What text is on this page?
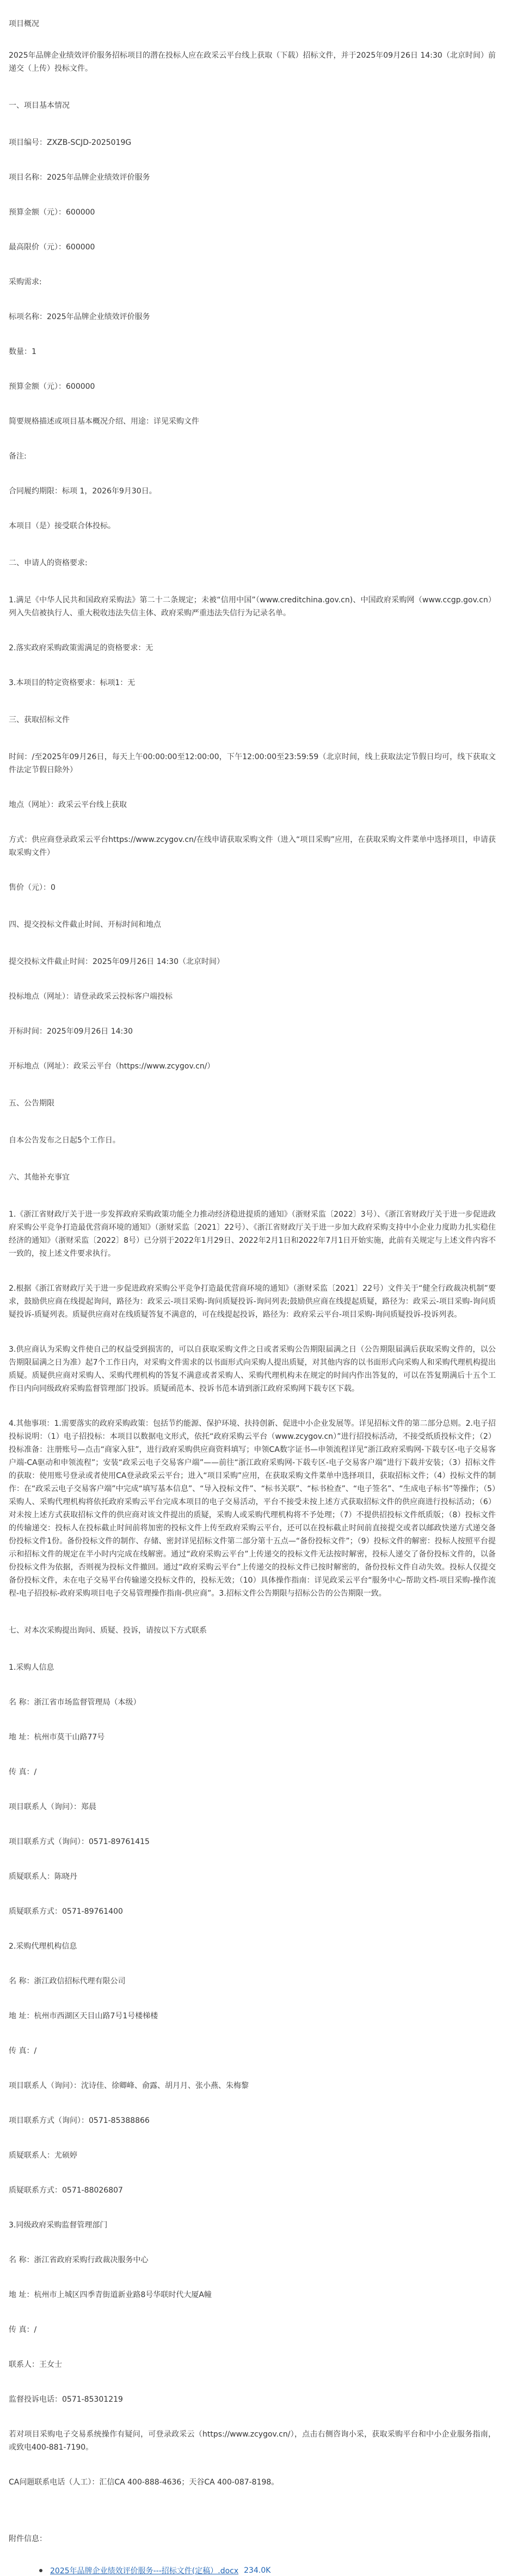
项目概况

2025年品牌企业绩效评价服务招标项目的潜在投标人应在政采云平台线上获取（下载）招标文件，并于2025年09月26日 14:30（北京时间）前递交（上传）投标文件。

一、项目基本情况

项目编号：ZXZB-SCJD-2025019G

项目名称：2025年品牌企业绩效评价服务

预算金额（元）：600000

最高限价（元）：600000

采购需求:

标项名称：2025年品牌企业绩效评价服务

数量：1

预算金额（元）：600000

简要规格描述或项目基本概况介绍、用途：详见采购文件

备注:

合同履约期限：标项 1，2026年9月30日。

本项目（是）接受联合体投标。

二、申请人的资格要求:

1.满足《中华人民共和国政府采购法》第二十二条规定；未被“信用中国”（www.creditchina.gov.cn)、中国政府采购网（www.ccgp.gov.cn）列入失信被执行人、重大税收违法失信主体、政府采购严重违法失信行为记录名单。

2.落实政府采购政策需满足的资格要求：无

3.本项目的特定资格要求：标项1：无

三、获取招标文件

时间：/至2025年09月26日，每天上午00:00:00至12:00:00，下午12:00:00至23:59:59（北京时间，线上获取法定节假日均可，线下获取文件法定节假日除外）

地点（网址）：政采云平台线上获取

方式：供应商登录政采云平台https://www.zcygov.cn/在线申请获取采购文件（进入“项目采购”应用，在获取采购文件菜单中选择项目，申请获取采购文件）

售价（元）：0

四、提交投标文件截止时间、开标时间和地点

提交投标文件截止时间：2025年09月26日 14:30（北京时间）

投标地点（网址）：请登录政采云投标客户端投标

开标时间：2025年09月26日 14:30

开标地点（网址）：政采云平台（https://www.zcygov.cn/）

五、公告期限

自本公告发布之日起5个工作日。

六、其他补充事宜

1.《浙江省财政厅关于进一步发挥政府采购政策功能全力推动经济稳进提质的通知》（浙财采监〔2022〕3号）、《浙江省财政厅关于进一步促进政府采购公平竞争打造最优营商环境的通知》（浙财采监〔2021〕22号）、《浙江省财政厅关于进一步加大政府采购支持中小企业力度助力扎实稳住经济的通知》（浙财采监〔2022〕8号）已分别于2022年1月29日、2022年2月1日和2022年7月1日开始实施，此前有关规定与上述文件内容不一致的，按上述文件要求执行。

2.根据《浙江省财政厅关于进一步促进政府采购公平竞争打造最优营商环境的通知》（浙财采监〔2021〕22号）文件关于“健全行政裁决机制”要求，鼓励供应商在线提起询问，路径为：政采云-项目采购-询问质疑投诉-询问列表;鼓励供应商在线提起质疑，路径为：政采云-项目采购-询问质疑投诉-质疑列表。质疑供应商对在线质疑答复不满意的，可在线提起投诉，路径为：政府采云平台-项目采购-询问质疑投诉-投诉列表。

3.供应商认为采购文件使自己的权益受到损害的，可以自获取采购文件之日或者采购公告期限届满之日（公告期限届满后获取采购文件的，以公告期限届满之日为准）起7个工作日内，对采购文件需求的以书面形式向采购人提出质疑，对其他内容的以书面形式向采购人和采购代理机构提出质疑。质疑供应商对采购人、采购代理机构的答复不满意或者采购人、采购代理机构未在规定的时间内作出答复的，可以在答复期满后十五个工作日内向同级政府采购监督管理部门投诉。质疑函范本、投诉书范本请到浙江政府采购网下载专区下载。

4.其他事项：1.需要落实的政府采购政策：包括节约能源、保护环境、扶持创新、促进中小企业发展等。详见招标文件的第二部分总则。2.电子招投标说明：（1）电子招投标：本项目以数据电文形式，依托“政府采购云平台（www.zcygov.cn）”进行招投标活动，不接受纸质投标文件；（2）投标准备：注册账号—点击“商家入驻”，进行政府采购供应商资料填写；申领CA数字证书—申领流程详见“浙江政府采购网-下载专区-电子交易客户端-CA驱动和申领流程”；安装“政采云电子交易客户端”——前往“浙江政府采购网-下载专区-电子交易客户端”进行下载并安装；（3）招标文件的获取：使用账号登录或者使用CA登录政采云平台；进入“项目采购”应用，在获取采购文件菜单中选择项目，获取招标文件；（4）投标文件的制作：在“政采云电子交易客户端”中完成“填写基本信息”、“导入投标文件”、“标书关联”、“标书检查”、“电子签名”、“生成电子标书”等操作；（5）采购人、采购代理机构将依托政府采购云平台完成本项目的电子交易活动，平台不接受未按上述方式获取招标文件的供应商进行投标活动；（6）对未按上述方式获取招标文件的供应商对该文件提出的质疑，采购人或采购代理机构将不予处理；（7）不提供招投标文件纸质版；（8）投标文件的传输递交：投标人在投标截止时间前将加密的投标文件上传至政府采购云平台，还可以在投标截止时间前直接提交或者以邮政快递方式递交备份投标文件1份。备份投标文件的制作、存储、密封详见招标文件第二部分第十五点—“备份投标文件”；（9）投标文件的解密：投标人按照平台提示和招标文件的规定在半小时内完成在线解密。通过“政府采购云平台”上传递交的投标文件无法按时解密，投标人递交了备份投标文件的，以备份投标文件为依据，否则视为投标文件撤回。通过“政府采购云平台”上传递交的投标文件已按时解密的，备份投标文件自动失效。投标人仅提交备份投标文件，未在电子交易平台传输递交投标文件的，投标无效；（10）具体操作指南：详见政采云平台“服务中心-帮助文档-项目采购-操作流程-电子招投标-政府采购项目电子交易管理操作指南-供应商”。3.招标文件公告期限与招标公告的公告期限一致。

七、对本次采购提出询问、质疑、投诉，请按以下方式联系

1.采购人信息

名 称：浙江省市场监督管理局（本级）

地 址：杭州市莫干山路77号

传 真：/

项目联系人（询问）：郑晨

项目联系方式（询问）：0571-89761415

质疑联系人：陈晓丹

质疑联系方式：0571-89761400

2.采购代理机构信息

名 称：浙江政信招标代理有限公司

地 址：杭州市西湖区天目山路7号1号楼梯楼

传 真：/

项目联系人（询问）：沈诗佳、徐卿峰、俞露、胡月月、张小燕、朱梅黎

项目联系方式（询问）：0571-85388866

质疑联系人：尤硕婷

质疑联系方式：0571-88026807

3.同级政府采购监督管理部门

名 称：浙江省政府采购行政裁决服务中心

地 址：杭州市上城区四季青街道新业路8号华联时代大厦A幢

传 真：/

联系人：王女士

监督投诉电话：0571-85301219

若对项目采购电子交易系统操作有疑问，可登录政采云（https://www.zcygov.cn/），点击右侧咨询小采，获取采购平台和中小企业服务指南，或致电400-881-7190。

CA问题联系电话（人工）：汇信CA 400-888-4636；天谷CA 400-087-8198。

附件信息：

2025年品牌企业绩效评价服务---招标文件(定稿）.docx 234.0K
